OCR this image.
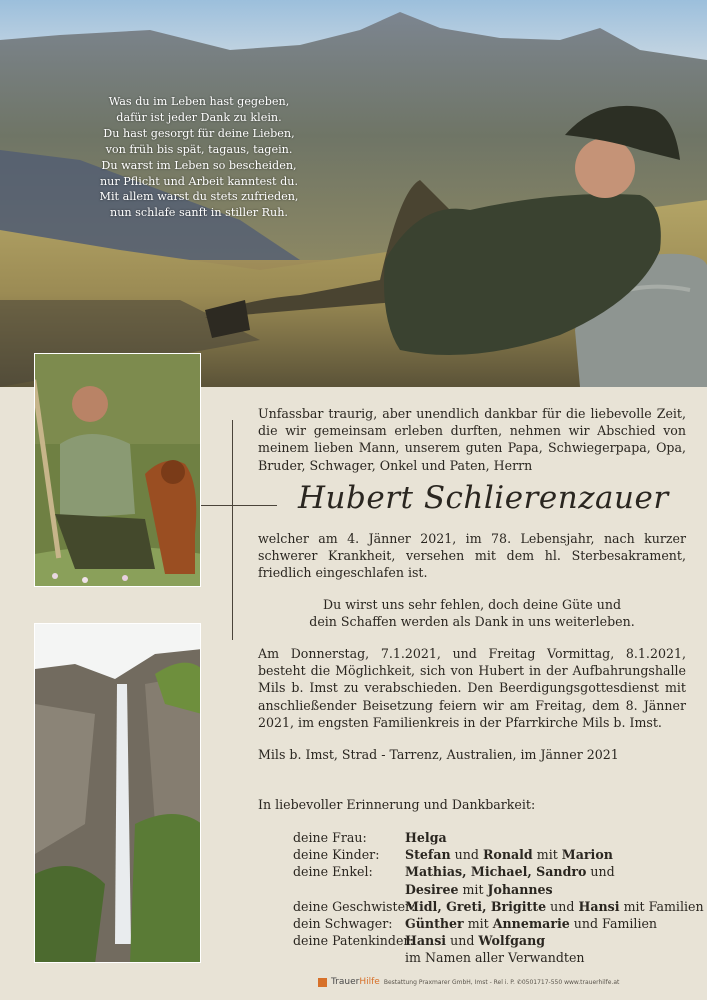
Was du im Leben hast gegeben,
dafür ist jeder Dank zu klein.
Du hast gesorgt für deine Lieben,
von früh bis spät, tagaus, tagein.
Du warst im Leben so bescheiden,
nur Pflicht und Arbeit kanntest du.
Mit allem warst du stets zufrieden,
nun schlafe sanft in stiller Ruh.
Unfassbar traurig, aber unendlich dankbar für die liebevolle Zeit, die wir gemeinsam erleben durften, nehmen wir Abschied von meinem lieben Mann, unserem guten Papa, Schwiegerpapa, Opa, Bruder, Schwager, Onkel und Paten, Herrn
Hubert Schlierenzauer
welcher am 4. Jänner 2021, im 78. Lebensjahr, nach kurzer schwerer Krankheit, versehen mit dem hl. Sterbesakrament, friedlich eingeschlafen ist.
Du wirst uns sehr fehlen, doch deine Güte und
dein Schaffen werden als Dank in uns weiterleben.
Am Donnerstag, 7.1.2021, und Freitag Vormittag, 8.1.2021, besteht die Möglichkeit, sich von Hubert in der Aufbahrungshalle Mils b. Imst zu verabschieden. Den Beerdigungsgottesdienst mit anschließender Beisetzung feiern wir am Freitag, dem 8. Jänner 2021, im engsten Familienkreis in der Pfarrkirche Mils b. Imst.
Mils b. Imst, Strad - Tarrenz, Australien, im Jänner 2021
In liebevoller Erinnerung und Dankbarkeit:
deine Frau:	Helga
deine Kinder:	Stefan und Ronald mit Marion
deine Enkel:	Mathias, Michael, Sandro und
Desiree mit Johannes
deine Geschwister:
Midl, Greti, Brigitte und Hansi mit Familien
dein Schwager: Günther mit Annemarie und Familien
deine Patenkinder:
Hansi und Wolfgang
im Namen aller Verwandten
TrauerHilfe Bestattung Praxmarer GmbH, Imst - Rel i. P. ✆0501717-550 www.trauerhilfe.at
